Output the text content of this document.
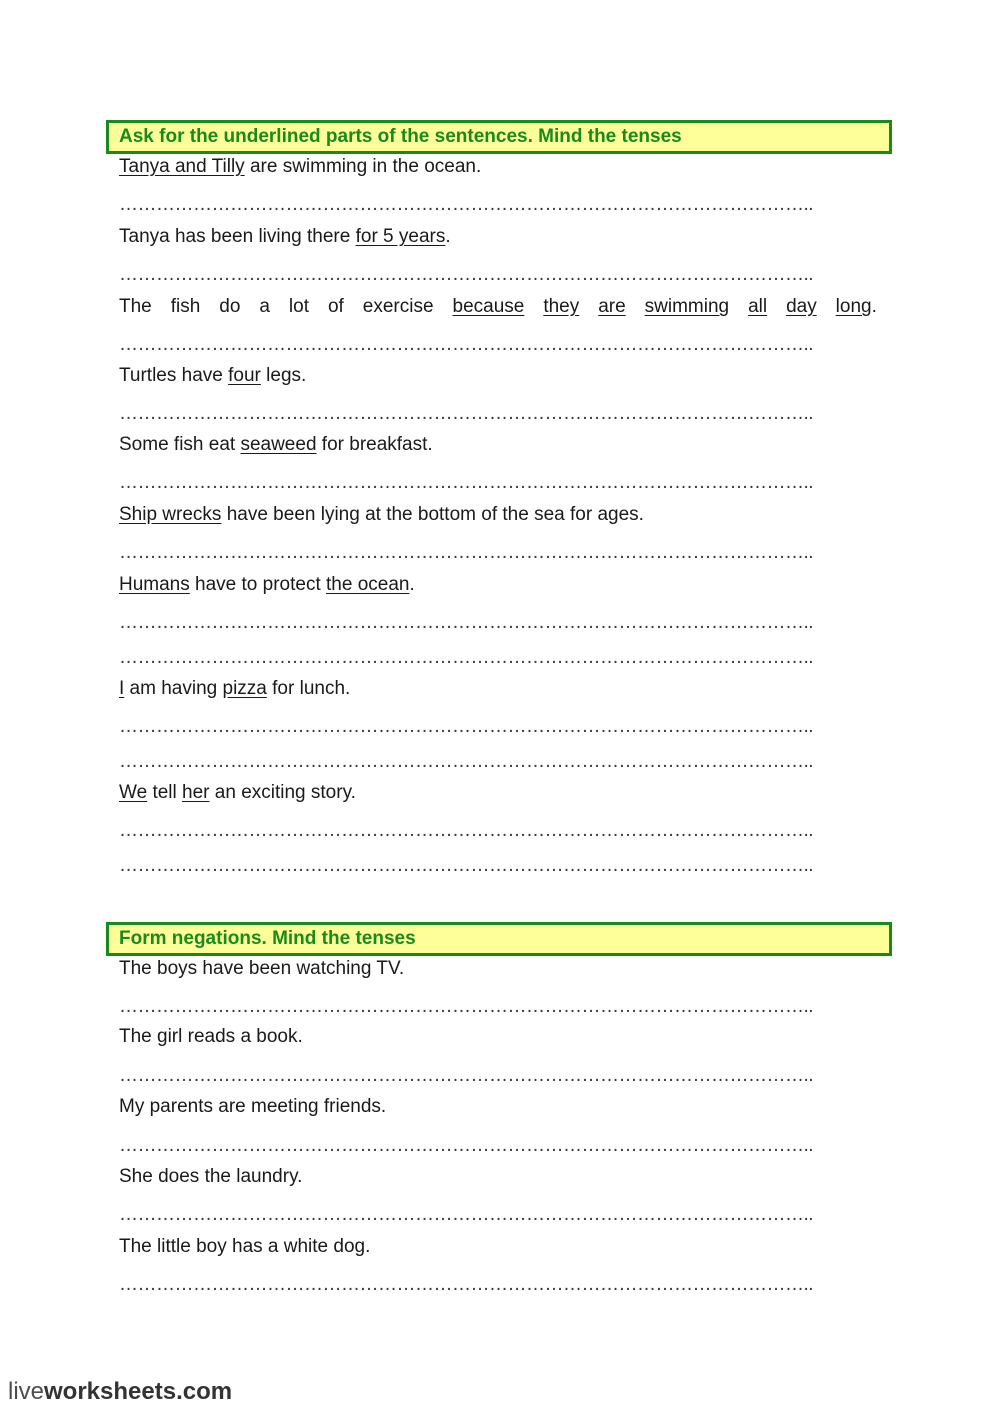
Ask for the underlined parts of the sentences. Mind the tenses
Tanya and Tilly are swimming in the ocean.
…………………………………………………………………………………………………..
Tanya has been living there for 5 years.
…………………………………………………………………………………………………..
The fish do a lot of exercise because they are swimming all day long.
…………………………………………………………………………………………………..
Turtles have four legs.
…………………………………………………………………………………………………..
Some fish eat seaweed for breakfast.
…………………………………………………………………………………………………..
Ship wrecks have been lying at the bottom of the sea for ages.
…………………………………………………………………………………………………..
Humans have to protect the ocean.
…………………………………………………………………………………………………..
…………………………………………………………………………………………………..
I am having pizza for lunch.
…………………………………………………………………………………………………..
…………………………………………………………………………………………………..
We tell her an exciting story.
…………………………………………………………………………………………………..
…………………………………………………………………………………………………..
Form negations. Mind the tenses
The boys have been watching TV.
…………………………………………………………………………………………………..
The girl reads a book.
…………………………………………………………………………………………………..
My parents are meeting friends.
…………………………………………………………………………………………………..
She does the laundry.
…………………………………………………………………………………………………..
The little boy has a white dog.
…………………………………………………………………………………………………..
liveworksheets.com
